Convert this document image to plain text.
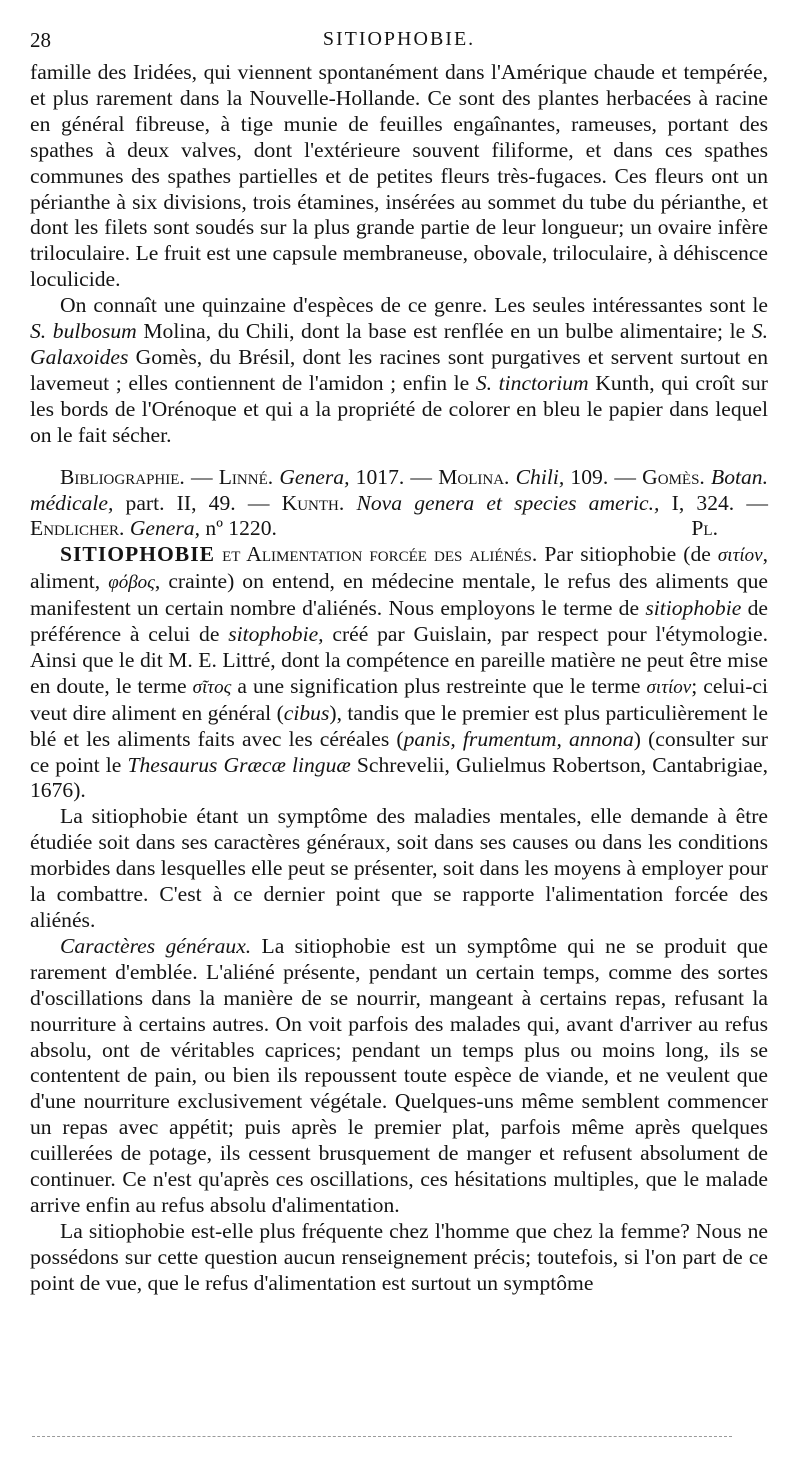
28	SITIOPHOBIE.

famille des Iridées, qui viennent spontanément dans l'Amérique chaude et tempérée, et plus rarement dans la Nouvelle-Hollande. Ce sont des plantes herbacées à racine en général fibreuse, à tige munie de feuilles engaînantes, rameuses, portant des spathes à deux valves, dont l'extérieure souvent filiforme, et dans ces spathes communes des spathes partielles et de petites fleurs très-fugaces. Ces fleurs ont un périanthe à six divisions, trois étamines, insérées au sommet du tube du périanthe, et dont les filets sont soudés sur la plus grande partie de leur longueur; un ovaire infère triloculaire. Le fruit est une capsule membraneuse, obovale, triloculaire, à déhiscence loculicide.

On connaît une quinzaine d'espèces de ce genre. Les seules intéressantes sont le S. bulbosum Molina, du Chili, dont la base est renflée en un bulbe alimentaire; le S. Galaxoides Gomès, du Brésil, dont les racines sont purgatives et servent surtout en lavemeut ; elles contiennent de l'amidon ; enfin le S. tinctorium Kunth, qui croît sur les bords de l'Orénoque et qui a la propriété de colorer en bleu le papier dans lequel on le fait sécher.

Bibliographie. — Linné. Genera, 1017. — Molina. Chili, 109. — Gomès. Botan. médicale, part. II, 49. — Kunth. Nova genera et species americ., I, 324. — Endlicher. Genera, nº 1220.	Pl.

SITIOPHOBIE et Alimentation forcée des aliénés. Par sitiophobie (de σιτίον, aliment, φόβος, crainte) on entend, en médecine mentale, le refus des aliments que manifestent un certain nombre d'aliénés. Nous employons le terme de sitiophobie de préférence à celui de sitophobie, créé par Guislain, par respect pour l'étymologie. Ainsi que le dit M. E. Littré, dont la compétence en pareille matière ne peut être mise en doute, le terme σῖτος a une signification plus restreinte que le terme σιτίον; celui-ci veut dire aliment en général (cibus), tandis que le premier est plus particulièrement le blé et les aliments faits avec les céréales (panis, frumentum, annona) (consulter sur ce point le Thesaurus Græcæ linguæ Schrevelii, Gulielmus Robertson, Cantabrigiae, 1676).

La sitiophobie étant un symptôme des maladies mentales, elle demande à être étudiée soit dans ses caractères généraux, soit dans ses causes ou dans les conditions morbides dans lesquelles elle peut se présenter, soit dans les moyens à employer pour la combattre. C'est à ce dernier point que se rapporte l'alimentation forcée des aliénés.

Caractères généraux. La sitiophobie est un symptôme qui ne se produit que rarement d'emblée. L'aliéné présente, pendant un certain temps, comme des sortes d'oscillations dans la manière de se nourrir, mangeant à certains repas, refusant la nourriture à certains autres. On voit parfois des malades qui, avant d'arriver au refus absolu, ont de véritables caprices; pendant un temps plus ou moins long, ils se contentent de pain, ou bien ils repoussent toute espèce de viande, et ne veulent que d'une nourriture exclusivement végétale. Quelques-uns même semblent commencer un repas avec appétit; puis après le premier plat, parfois même après quelques cuillerées de potage, ils cessent brusquement de manger et refusent absolument de continuer. Ce n'est qu'après ces oscillations, ces hésitations multiples, que le malade arrive enfin au refus absolu d'alimentation.

La sitiophobie est-elle plus fréquente chez l'homme que chez la femme? Nous ne possédons sur cette question aucun renseignement précis; toutefois, si l'on part de ce point de vue, que le refus d'alimentation est surtout un symptôme
